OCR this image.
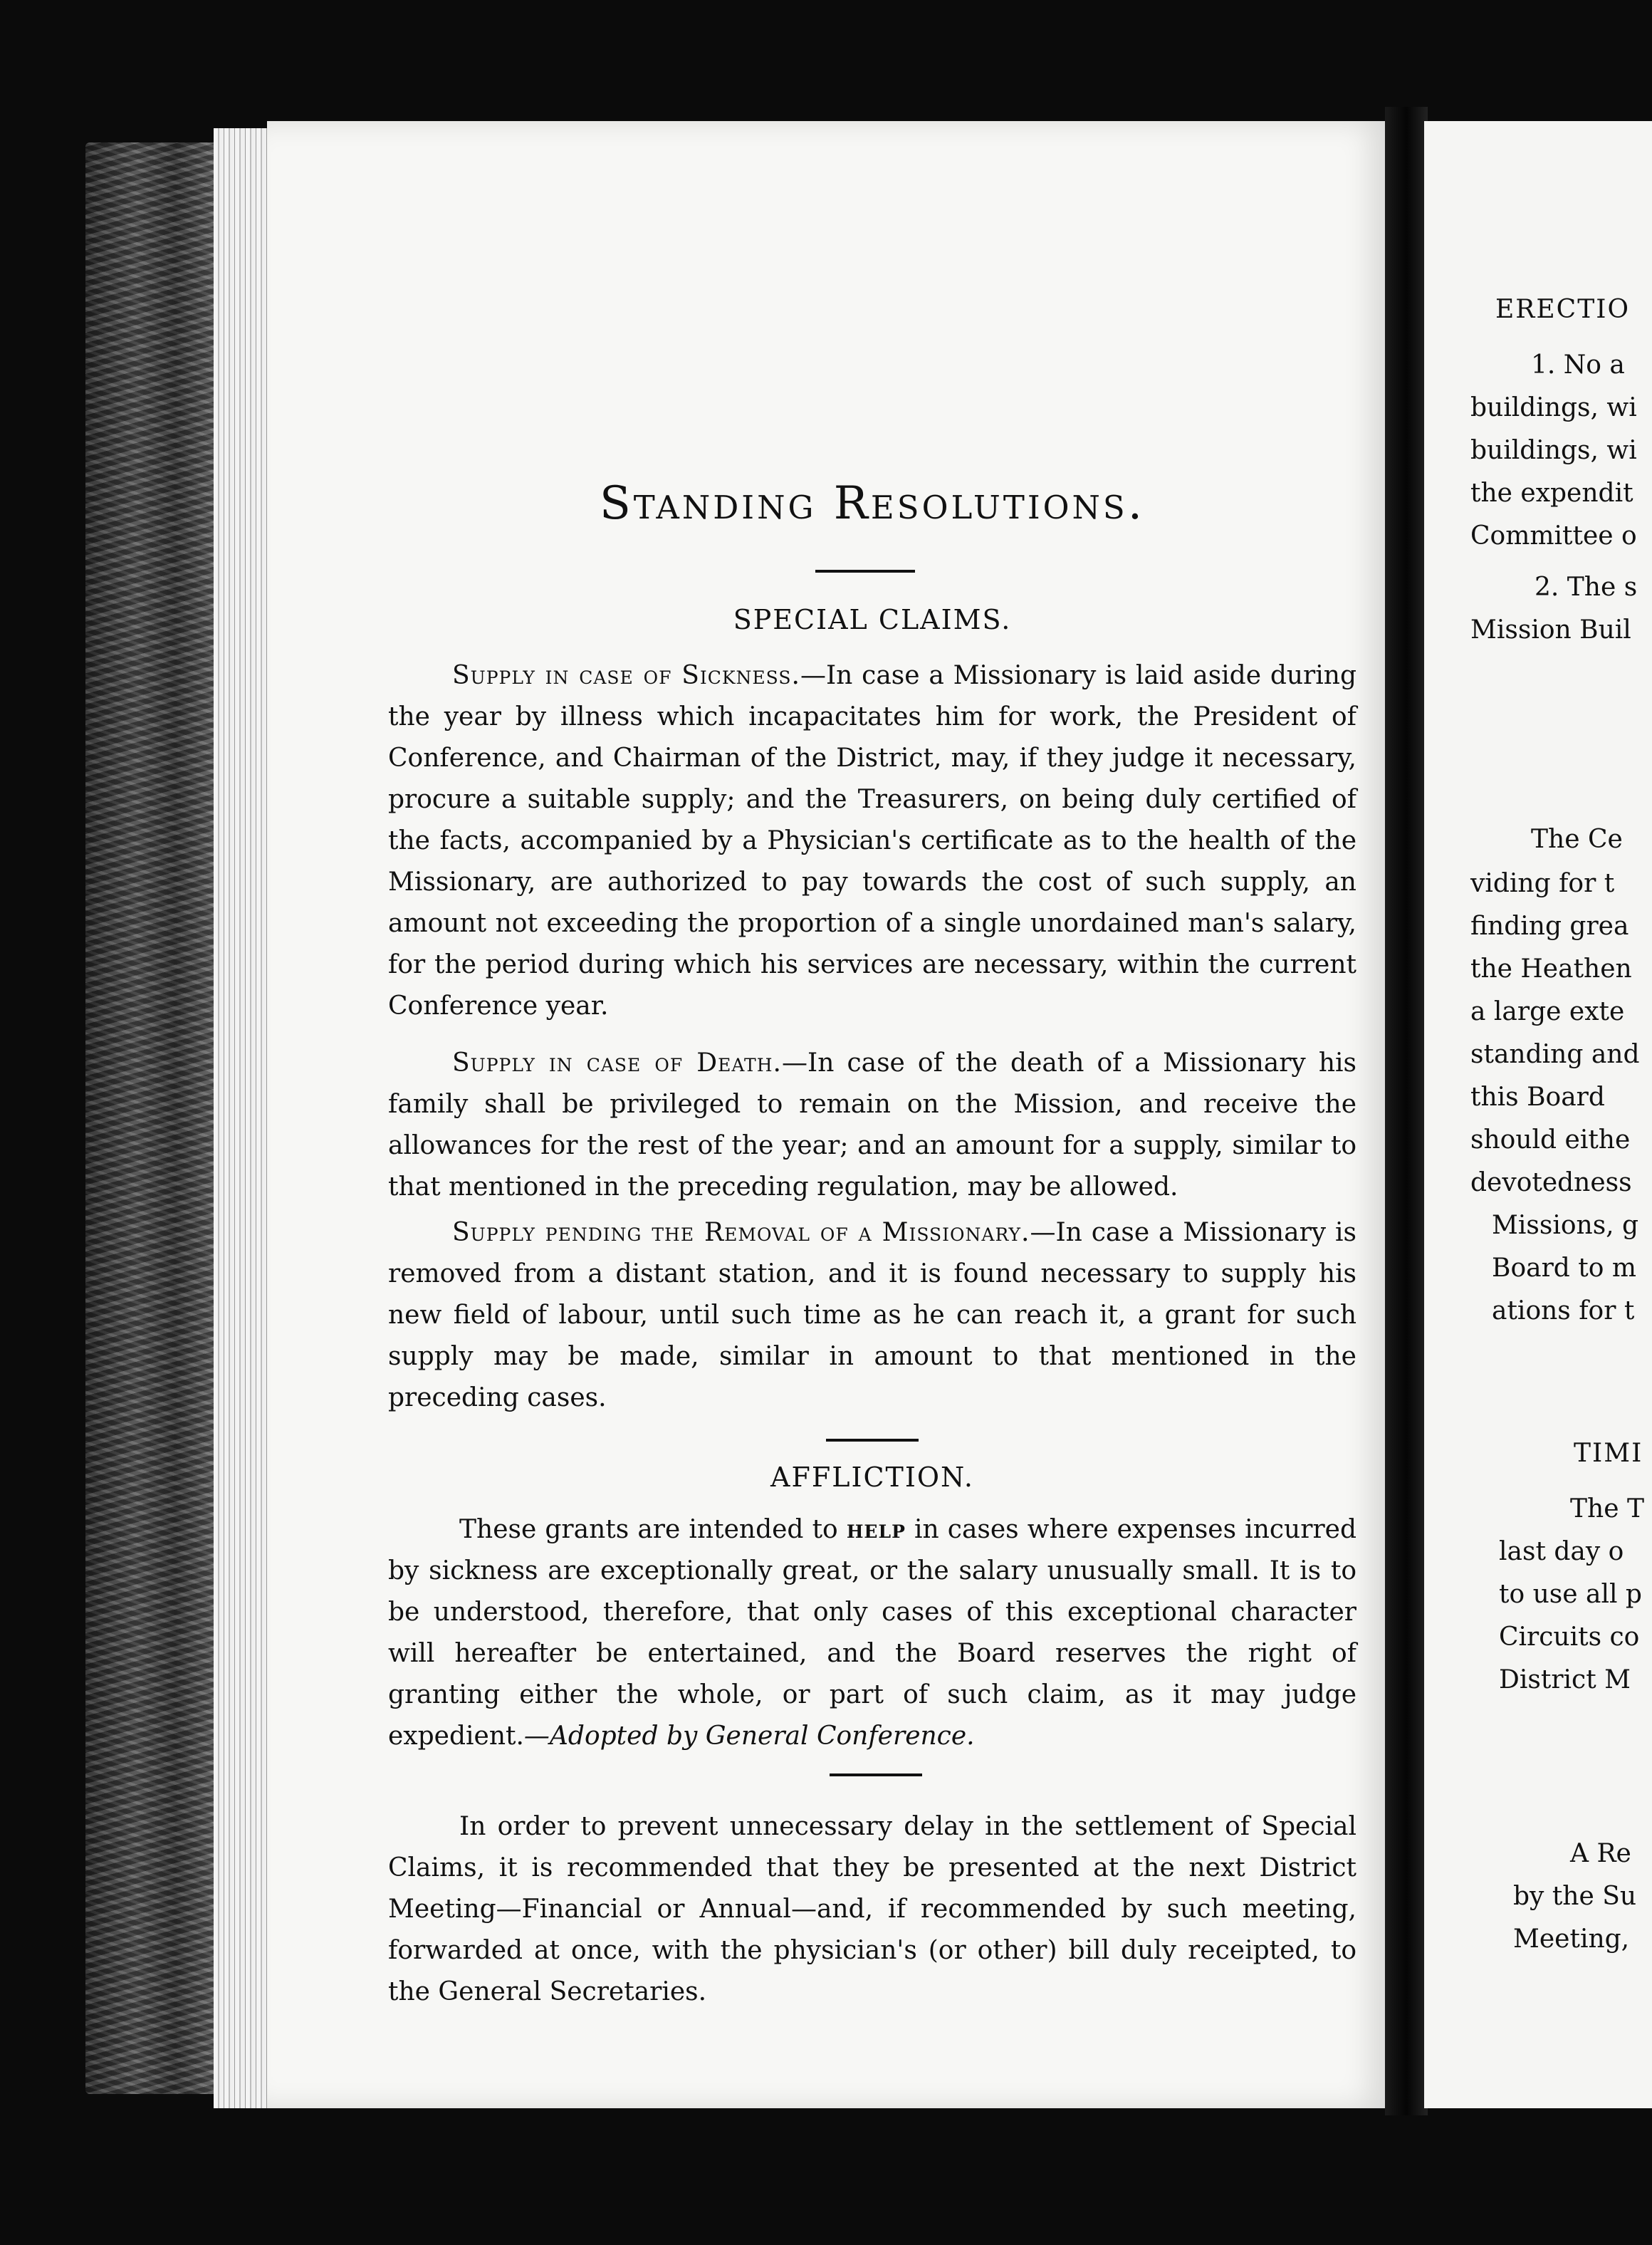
Standing Resolutions.
SPECIAL CLAIMS.
Supply in case of Sickness.—In case a Missionary is laid aside during the year by illness which incapacitates him for work, the President of Conference, and Chairman of the District, may, if they judge it necessary, procure a suitable supply; and the Treasurers, on being duly certified of the facts, accompanied by a Physician's certificate as to the health of the Missionary, are authorized to pay towards the cost of such supply, an amount not exceeding the proportion of a single unordained man's salary, for the period during which his services are necessary, within the current Conference year.
Supply in case of Death.—In case of the death of a Missionary his family shall be privileged to remain on the Mission, and receive the allowances for the rest of the year; and an amount for a supply, similar to that mentioned in the preceding regulation, may be allowed.
Supply pending the Removal of a Missionary.—In case a Missionary is removed from a distant station, and it is found necessary to supply his new field of labour, until such time as he can reach it, a grant for such supply may be made, similar in amount to that mentioned in the preceding cases.
AFFLICTION.
These grants are intended to help in cases where expenses incurred by sickness are exceptionally great, or the salary unusually small. It is to be understood, therefore, that only cases of this exceptional character will hereafter be entertained, and the Board reserves the right of granting either the whole, or part of such claim, as it may judge expedient.—Adopted by General Conference.
In order to prevent unnecessary delay in the settlement of Special Claims, it is recommended that they be presented at the next District Meeting—Financial or Annual—and, if recommended by such meeting, forwarded at once, with the physician's (or other) bill duly receipted, to the General Secretaries.
ERECTIO
1. No a
buildings, wi
buildings, wi
the expendit
Committee o
2. The s
Mission Buil
The Ce
viding for t
finding grea
the Heathen
a large exte
standing and
this Board
should eithe
devotedness
Missions, g
Board to m
ations for t
TIMI
The T
last day o
to use all p
Circuits co
District M
A Re
by the Su
Meeting,
